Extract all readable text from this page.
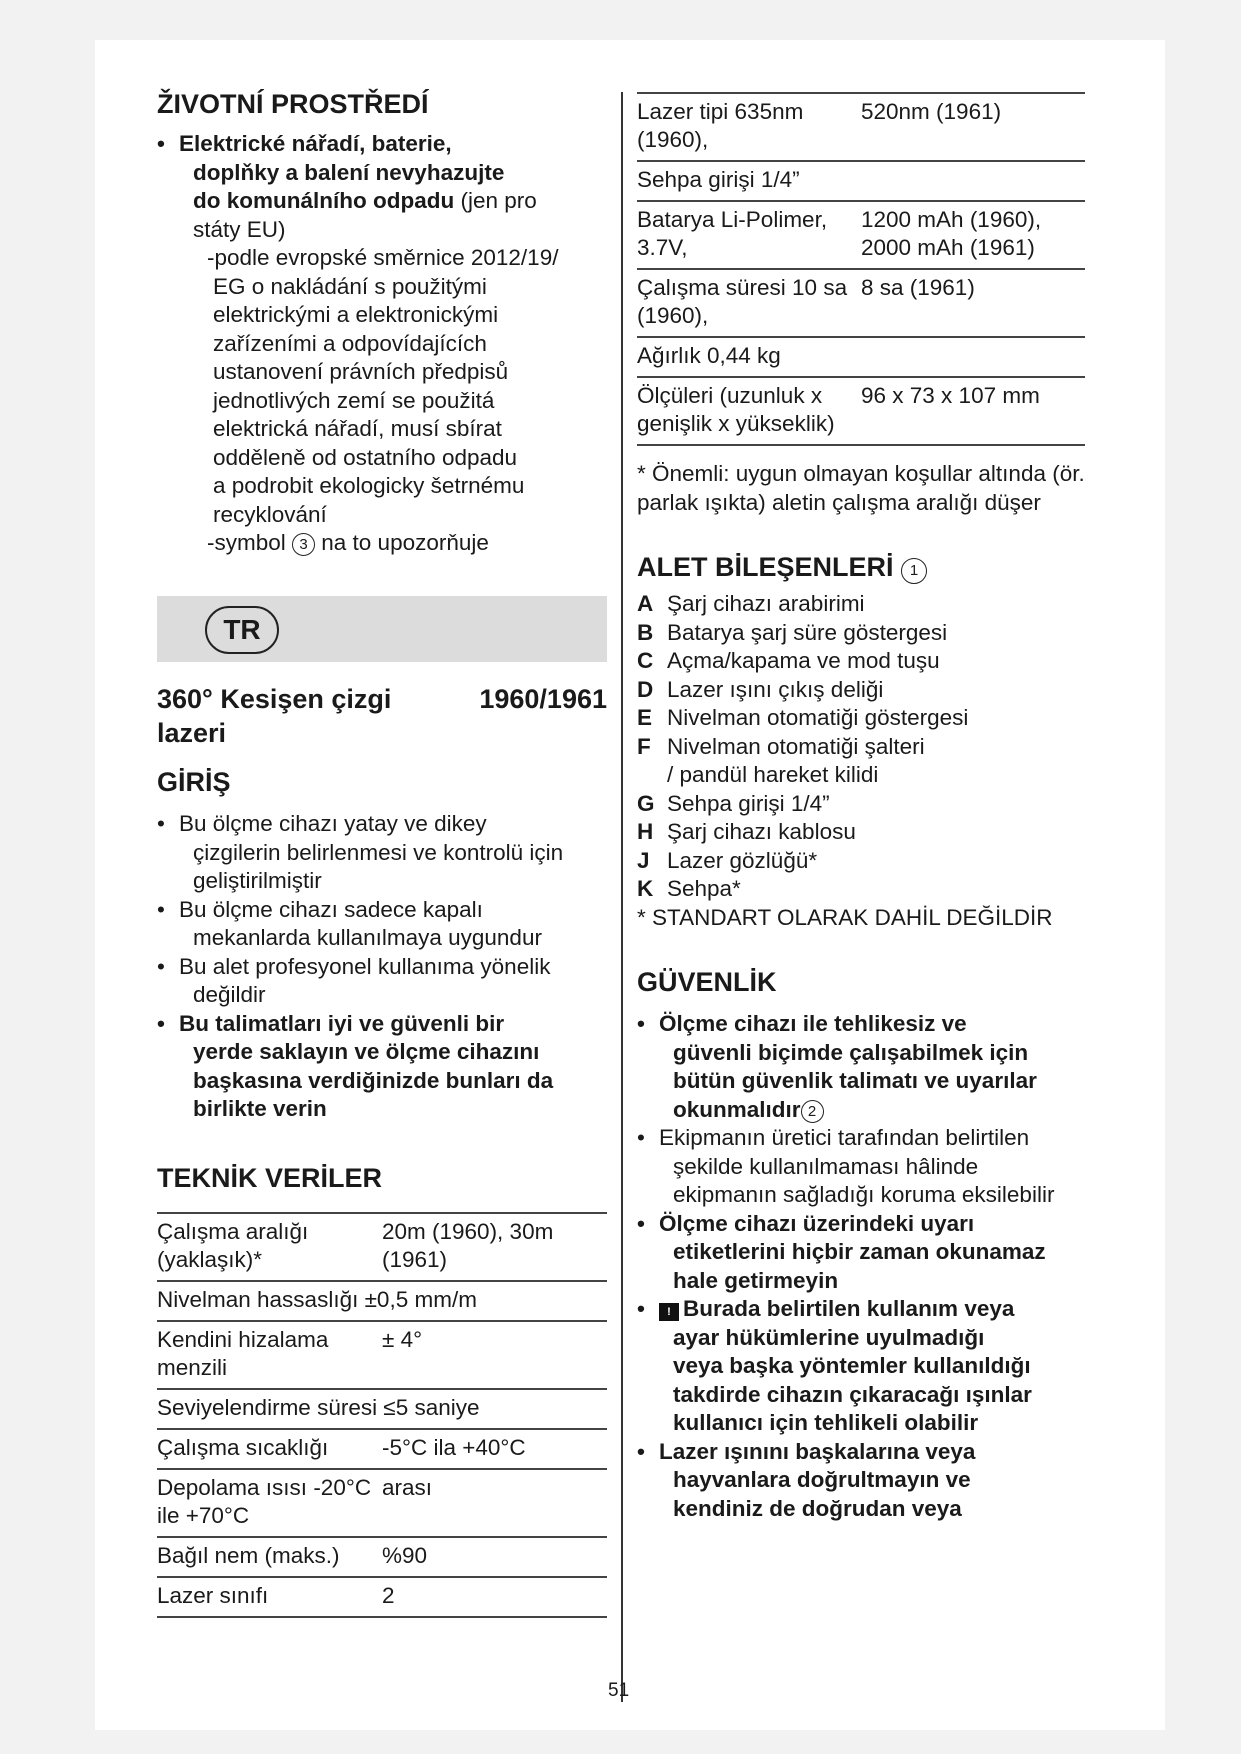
ŽIVOTNÍ PROSTŘEDÍ
• Elektrické nářadí, baterie,
doplňky a balení nevyhazujte
do komunálního odpadu (jen pro
státy EU)
-podle evropské směrnice 2012/19/
EG o nakládání s použitými
elektrickými a elektronickými
zařízeními a odpovídajících
ustanovení právních předpisů
jednotlivých zemí se použitá
elektrická nářadí, musí sbírat
odděleně od ostatního odpadu
a podrobit ekologicky šetrnému
recyklování
-symbol 3 na to upozorňuje
TR
360° Kesişen çizgi
lazeri
1960/1961
GİRİŞ
• Bu ölçme cihazı yatay ve dikey
çizgilerin belirlenmesi ve kontrolü için
geliştirilmiştir
• Bu ölçme cihazı sadece kapalı
mekanlarda kullanılmaya uygundur
• Bu alet profesyonel kullanıma yönelik
değildir
• Bu talimatları iyi ve güvenli bir
yerde saklayın ve ölçme cihazını
başkasına verdiğinizde bunları da
birlikte verin
TEKNİK VERİLER
Çalışma aralığı (yaklaşık)*	20m (1960), 30m (1961)
Nivelman hassaslığı ±0,5 mm/m	
Kendini hizalama menzili	± 4°
Seviyelendirme süresi ≤5 saniye	
Çalışma sıcaklığı	-5°C ila +40°C
Depolama ısısı -20°C ile +70°C	arası
Bağıl nem (maks.)	%90
Lazer sınıfı	2
Lazer tipi 635nm (1960),	520nm (1961)
Sehpa girişi 1/4”	
Batarya Li-Polimer, 3.7V,	1200 mAh (1960), 2000 mAh (1961)
Çalışma süresi 10 sa (1960),	8 sa (1961)
Ağırlık 0,44 kg	
Ölçüleri (uzunluk x genişlik x yükseklik)	96 x 73 x 107 mm
* Önemli: uygun olmayan koşullar altında (ör. parlak ışıkta) aletin çalışma aralığı düşer
ALET BİLEŞENLERİ 1
A Şarj cihazı arabirimi
B Batarya şarj süre göstergesi
C Açma/kapama ve mod tuşu
D Lazer ışını çıkış deliği
E Nivelman otomatiği göstergesi
F Nivelman otomatiği şalteri
/ pandül hareket kilidi
G Sehpa girişi 1/4”
H Şarj cihazı kablosu
J Lazer gözlüğü*
K Sehpa*
* STANDART OLARAK DAHİL DEĞİLDİR
GÜVENLİK
• Ölçme cihazı ile tehlikesiz ve
güvenli biçimde çalışabilmek için
bütün güvenlik talimatı ve uyarılar
okunmalıdır 2
• Ekipmanın üretici tarafından belirtilen
şekilde kullanılmaması hâlinde
ekipmanın sağladığı koruma eksilebilir
• Ölçme cihazı üzerindeki uyarı
etiketlerini hiçbir zaman okunamaz
hale getirmeyin
• ! Burada belirtilen kullanım veya
ayar hükümlerine uyulmadığı
veya başka yöntemler kullanıldığı
takdirde cihazın çıkaracağı ışınlar
kullanıcı için tehlikeli olabilir
• Lazer ışınını başkalarına veya
hayvanlara doğrultmayın ve
kendiniz de doğrudan veya
51
